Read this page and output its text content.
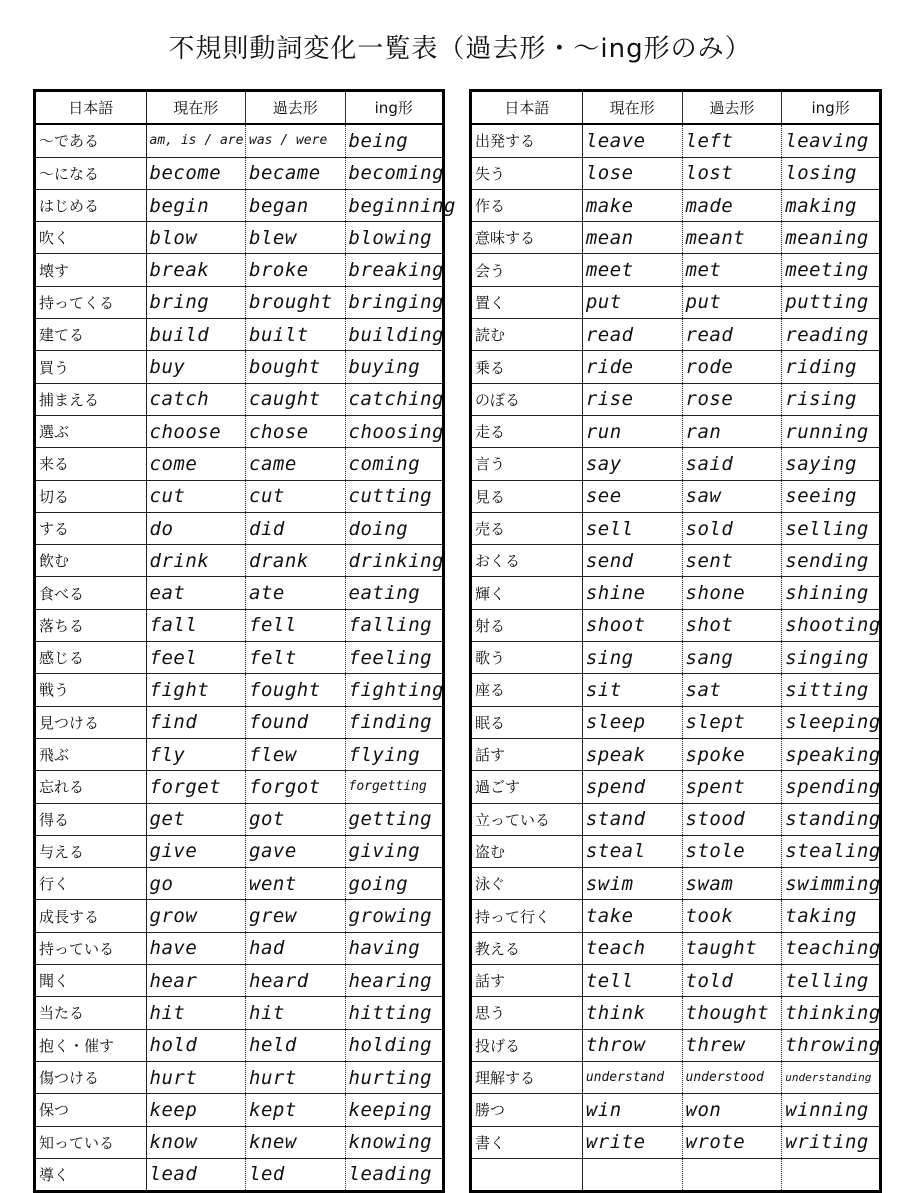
不規則動詞変化一覧表（過去形・～ing形のみ）
日本語	現在形	過去形	ing形
～である	am, is / are	was / were	being
～になる	become	became	becoming
はじめる	begin	began	beginning
吹く	blow	blew	blowing
壊す	break	broke	breaking
持ってくる	bring	brought	bringing
建てる	build	built	building
買う	buy	bought	buying
捕まえる	catch	caught	catching
選ぶ	choose	chose	choosing
来る	come	came	coming
切る	cut	cut	cutting
する	do	did	doing
飲む	drink	drank	drinking
食べる	eat	ate	eating
落ちる	fall	fell	falling
感じる	feel	felt	feeling
戦う	fight	fought	fighting
見つける	find	found	finding
飛ぶ	fly	flew	flying
忘れる	forget	forgot	forgetting
得る	get	got	getting
与える	give	gave	giving
行く	go	went	going
成長する	grow	grew	growing
持っている	have	had	having
聞く	hear	heard	hearing
当たる	hit	hit	hitting
抱く・催す	hold	held	holding
傷つける	hurt	hurt	hurting
保つ	keep	kept	keeping
知っている	know	knew	knowing
導く	lead	led	leading
日本語	現在形	過去形	ing形
出発する	leave	left	leaving
失う	lose	lost	losing
作る	make	made	making
意味する	mean	meant	meaning
会う	meet	met	meeting
置く	put	put	putting
読む	read	read	reading
乗る	ride	rode	riding
のぼる	rise	rose	rising
走る	run	ran	running
言う	say	said	saying
見る	see	saw	seeing
売る	sell	sold	selling
おくる	send	sent	sending
輝く	shine	shone	shining
射る	shoot	shot	shooting
歌う	sing	sang	singing
座る	sit	sat	sitting
眠る	sleep	slept	sleeping
話す	speak	spoke	speaking
過ごす	spend	spent	spending
立っている	stand	stood	standing
盗む	steal	stole	stealing
泳ぐ	swim	swam	swimming
持って行く	take	took	taking
教える	teach	taught	teaching
話す	tell	told	telling
思う	think	thought	thinking
投げる	throw	threw	throwing
理解する	understand	understood	understanding
勝つ	win	won	winning
書く	write	wrote	writing
